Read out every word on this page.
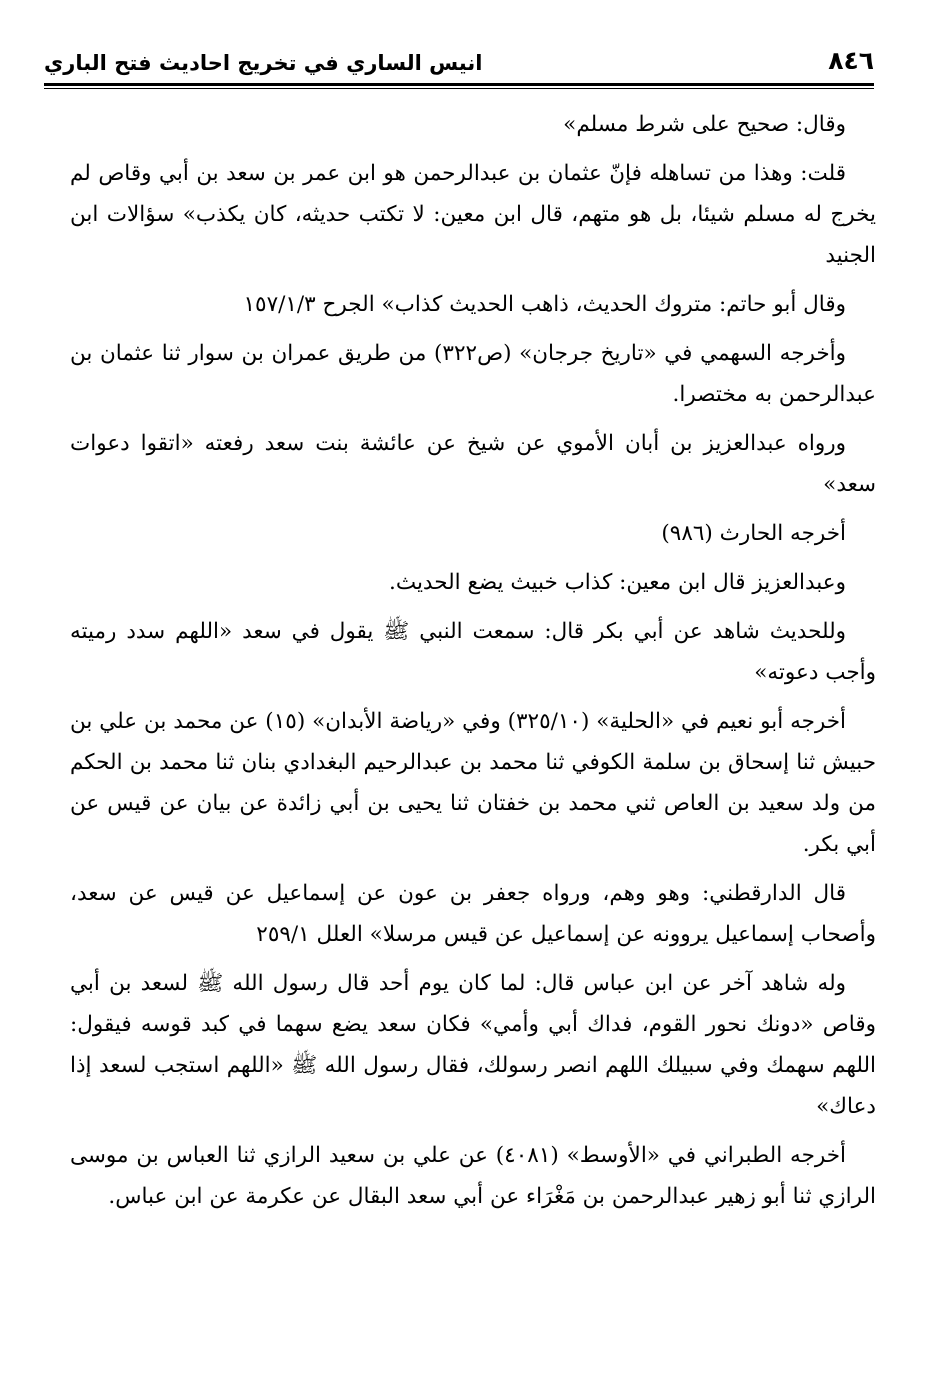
٨٤٦
انيس الساري في تخريج احاديث فتح الباري

وقال: صحيح على شرط مسلم»

قلت: وهذا من تساهله فإنّ عثمان بن عبدالرحمن هو ابن عمر بن سعد بن أبي وقاص لم يخرج له مسلم شيئا، بل هو متهم، قال ابن معين: لا تكتب حديثه، كان يكذب» سؤالات ابن الجنيد

وقال أبو حاتم: متروك الحديث، ذاهب الحديث كذاب» الجرح ١٥٧/١/٣

وأخرجه السهمي في «تاريخ جرجان» (ص٣٢٢) من طريق عمران بن سوار ثنا عثمان بن عبدالرحمن به مختصرا.

ورواه عبدالعزيز بن أبان الأموي عن شيخ عن عائشة بنت سعد رفعته «اتقوا دعوات سعد»

أخرجه الحارث (٩٨٦)

وعبدالعزيز قال ابن معين: كذاب خبيث يضع الحديث.

وللحديث شاهد عن أبي بكر قال: سمعت النبي ﷺ يقول في سعد «اللهم سدد رميته وأجب دعوته»

أخرجه أبو نعيم في «الحلية» (٣٢٥/١٠) وفي «رياضة الأبدان» (١٥) عن محمد بن علي بن حبيش ثنا إسحاق بن سلمة الكوفي ثنا محمد بن عبدالرحيم البغدادي بنان ثنا محمد بن الحكم من ولد سعيد بن العاص ثني محمد بن خفتان ثنا يحيى بن أبي زائدة عن بيان عن قيس عن أبي بكر.

قال الدارقطني: وهو وهم، ورواه جعفر بن عون عن إسماعيل عن قيس عن سعد، وأصحاب إسماعيل يروونه عن إسماعيل عن قيس مرسلا» العلل ٢٥٩/١

وله شاهد آخر عن ابن عباس قال: لما كان يوم أحد قال رسول الله ﷺ لسعد بن أبي وقاص «دونك نحور القوم، فداك أبي وأمي» فكان سعد يضع سهما في كبد قوسه فيقول: اللهم سهمك وفي سبيلك اللهم انصر رسولك، فقال رسول الله ﷺ «اللهم استجب لسعد إذا دعاك»

أخرجه الطبراني في «الأوسط» (٤٠٨١) عن علي بن سعيد الرازي ثنا العباس بن موسى الرازي ثنا أبو زهير عبدالرحمن بن مَغْرَاء عن أبي سعد البقال عن عكرمة عن ابن عباس.
